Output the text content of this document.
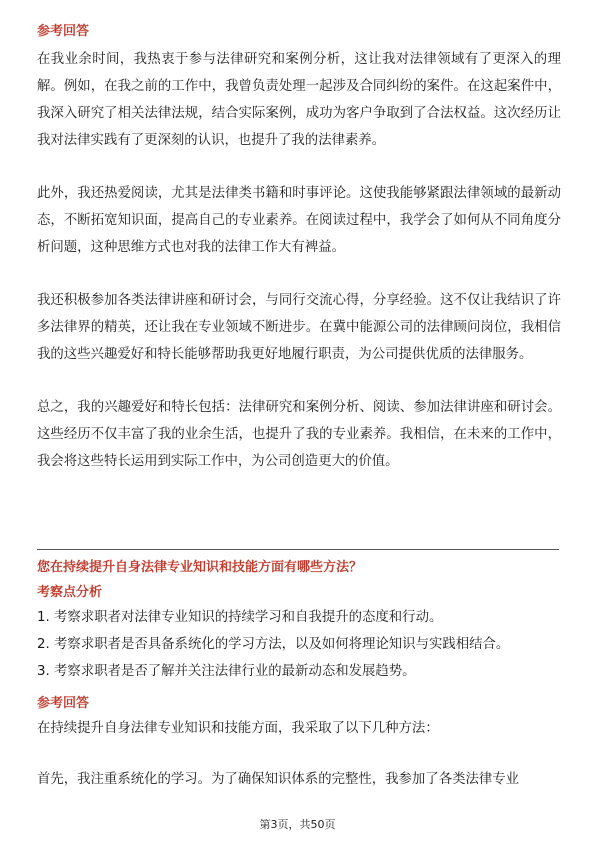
参考回答

在我业余时间，我热衷于参与法律研究和案例分析，这让我对法律领域有了更深入的理解。例如，在我之前的工作中，我曾负责处理一起涉及合同纠纷的案件。在这起案件中，我深入研究了相关法律法规，结合实际案例，成功为客户争取到了合法权益。这次经历让我对法律实践有了更深刻的认识，也提升了我的法律素养。

此外，我还热爱阅读，尤其是法律类书籍和时事评论。这使我能够紧跟法律领域的最新动态，不断拓宽知识面，提高自己的专业素养。在阅读过程中，我学会了如何从不同角度分析问题，这种思维方式也对我的法律工作大有裨益。

我还积极参加各类法律讲座和研讨会，与同行交流心得，分享经验。这不仅让我结识了许多法律界的精英，还让我在专业领域不断进步。在冀中能源公司的法律顾问岗位，我相信我的这些兴趣爱好和特长能够帮助我更好地履行职责，为公司提供优质的法律服务。

总之，我的兴趣爱好和特长包括：法律研究和案例分析、阅读、参加法律讲座和研讨会。这些经历不仅丰富了我的业余生活，也提升了我的专业素养。我相信，在未来的工作中，我会将这些特长运用到实际工作中，为公司创造更大的价值。

您在持续提升自身法律专业知识和技能方面有哪些方法？

考察点分析

1. 考察求职者对法律专业知识的持续学习和自我提升的态度和行动。

2. 考察求职者是否具备系统化的学习方法，以及如何将理论知识与实践相结合。

3. 考察求职者是否了解并关注法律行业的最新动态和发展趋势。

参考回答

在持续提升自身法律专业知识和技能方面，我采取了以下几种方法：

首先，我注重系统化的学习。为了确保知识体系的完整性，我参加了各类法律专业

第3页，共50页
